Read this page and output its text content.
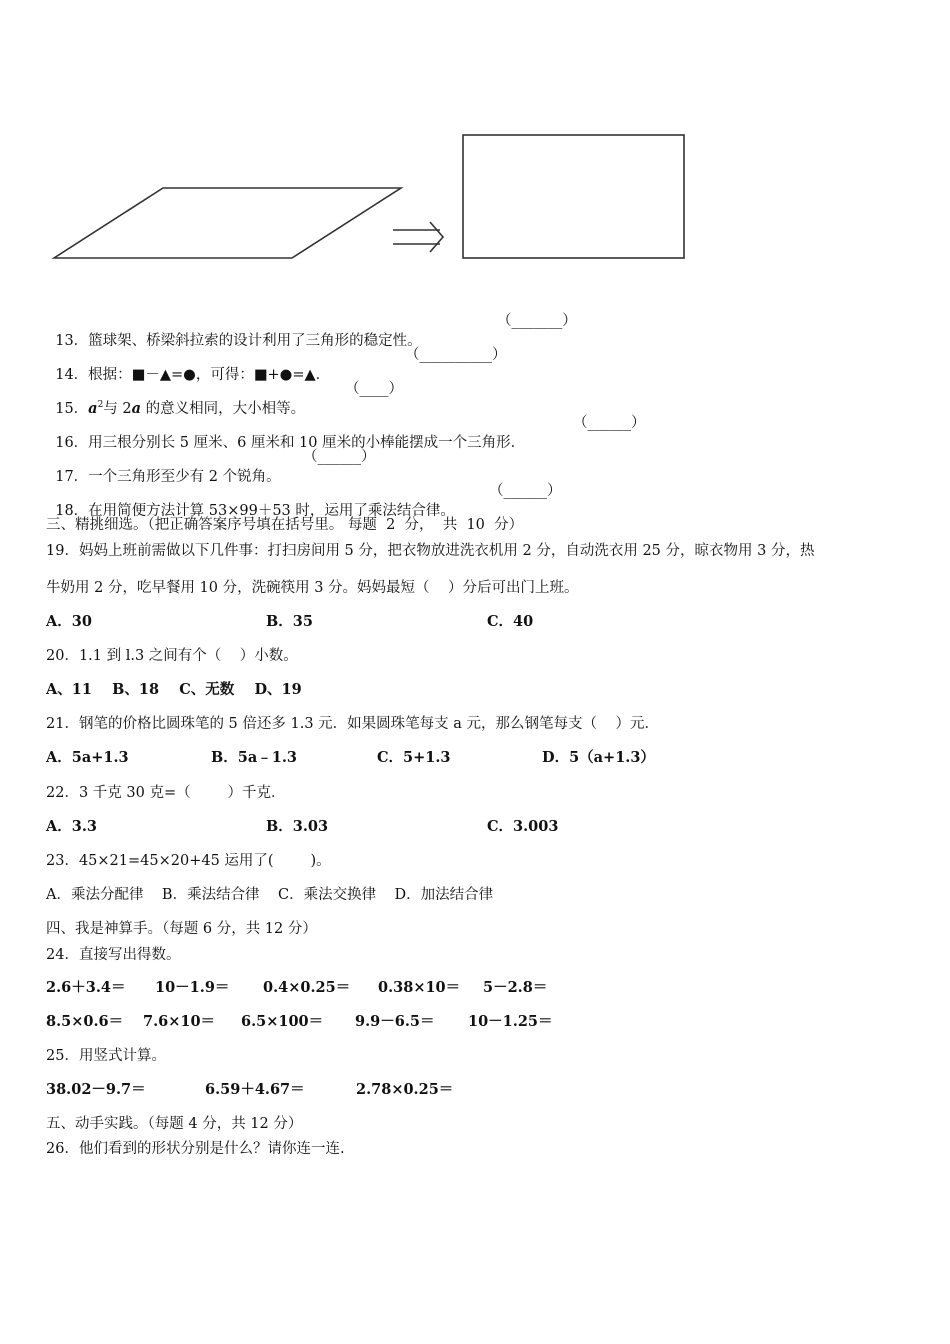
13．篮球架、桥梁斜拉索的设计利用了三角形的稳定性。

（_______）

14．根据：■－▲=●，可得：■+●=▲．

（__________）

15．$a^2$与 2a 的意义相同，大小相等。

（____）

16．用三根分别长 5 厘米、6 厘米和 10 厘米的小棒能摆成一个三角形．

（______）

17．一个三角形至少有 2 个锐角。

（______）

18．在用简便方法计算 53×99＋53 时，运用了乘法结合律。

（______）
三、精挑细选。（把正确答案序号填在括号里。 每题  2  分，  共  10  分）
19．妈妈上班前需做以下几件事：打扫房间用 5 分，把衣物放进洗衣机用 2 分，自动洗衣用 25 分，晾衣物用 3 分，热
牛奶用 2 分，吃早餐用 10 分，洗碗筷用 3 分。妈妈最短（    ）分后可出门上班。
A．30	B．35	C．40
20．1.1 到 l.3 之间有个（    ）小数。
A、11    B、18    C、无数    D、19
21．钢笔的价格比圆珠笔的 5 倍还多 1.3 元．如果圆珠笔每支 a 元，那么钢笔每支（    ）元．
A．5a+1.3	B．5a﹣1.3	C．5+1.3	D．5（a+1.3）
22．3 千克 30 克=（        ）千克．
A．3.3	B．3.03	C．3.003
23．45×21=45×20+45 运用了(        )。
A．乘法分配律    B．乘法结合律    C．乘法交换律    D．加法结合律
四、我是神算手。（每题 6 分，共 12 分）
24．直接写出得数。
2.6＋3.4＝ 10－1.9＝ 0.4×0.25＝ 0.38×10＝ 5－2.8＝
8.5×0.6＝ 7.6×10＝ 6.5×100＝ 9.9－6.5＝ 10－1.25＝
25．用竖式计算。
38.02－9.7＝	6.59＋4.67＝	2.78×0.25＝
五、动手实践。（每题 4 分，共 12 分）
26．他们看到的形状分别是什么？请你连一连.
